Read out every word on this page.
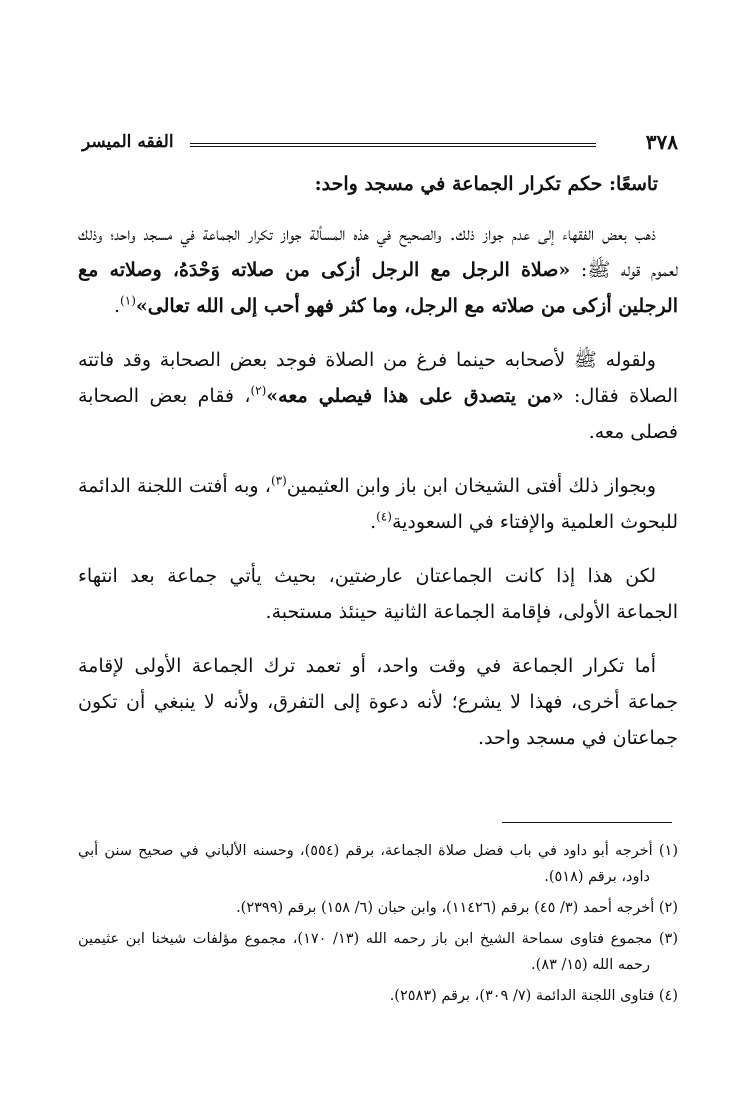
٣٧٨
الفقه الميسر
تاسعًا: حكم تكرار الجماعة في مسجد واحد:

ذهب بعض الفقهاء إلى عدم جواز ذلك. والصحيح في هذه المسألة جواز تكرار الجماعة في مسجد واحد؛ وذلك لعموم قوله ﷺ: «صلاة الرجل مع الرجل أزكى من صلاته وَحْدَهُ، وصلاته مع الرجلين أزكى من صلاته مع الرجل، وما كثر فهو أحب إلى الله تعالى»$^{(١)}$.

ولقوله ﷺ لأصحابه حينما فرغ من الصلاة فوجد بعض الصحابة وقد فاتته الصلاة فقال: «من يتصدق على هذا فيصلي معه»$^{(٢)}$، فقام بعض الصحابة فصلى معه.

وبجواز ذلك أفتى الشيخان ابن باز وابن العثيمين$^{(٣)}$، وبه أفتت اللجنة الدائمة للبحوث العلمية والإفتاء في السعودية$^{(٤)}$.

لكن هذا إذا كانت الجماعتان عارضتين، بحيث يأتي جماعة بعد انتهاء الجماعة الأولى، فإقامة الجماعة الثانية حينئذ مستحبة.

أما تكرار الجماعة في وقت واحد، أو تعمد ترك الجماعة الأولى لإقامة جماعة أخرى، فهذا لا يشرع؛ لأنه دعوة إلى التفرق، ولأنه لا ينبغي أن تكون جماعتان في مسجد واحد.

(١) أخرجه أبو داود في باب فضل صلاة الجماعة، برقم (٥٥٤)، وحسنه الألباني في صحيح سنن أبي داود، برقم (٥١٨).

(٢) أخرجه أحمد (٣/ ٤٥) برقم (١١٤٢٦)، وابن حبان (٦/ ١٥٨) برقم (٢٣٩٩).

(٣) مجموع فتاوى سماحة الشيخ ابن باز رحمه الله (١٣/ ١٧٠)، مجموع مؤلفات شيخنا ابن عثيمين رحمه الله (١٥/ ٨٣).

(٤) فتاوى اللجنة الدائمة (٧/ ٣٠٩)، برقم (٢٥٨٣).
